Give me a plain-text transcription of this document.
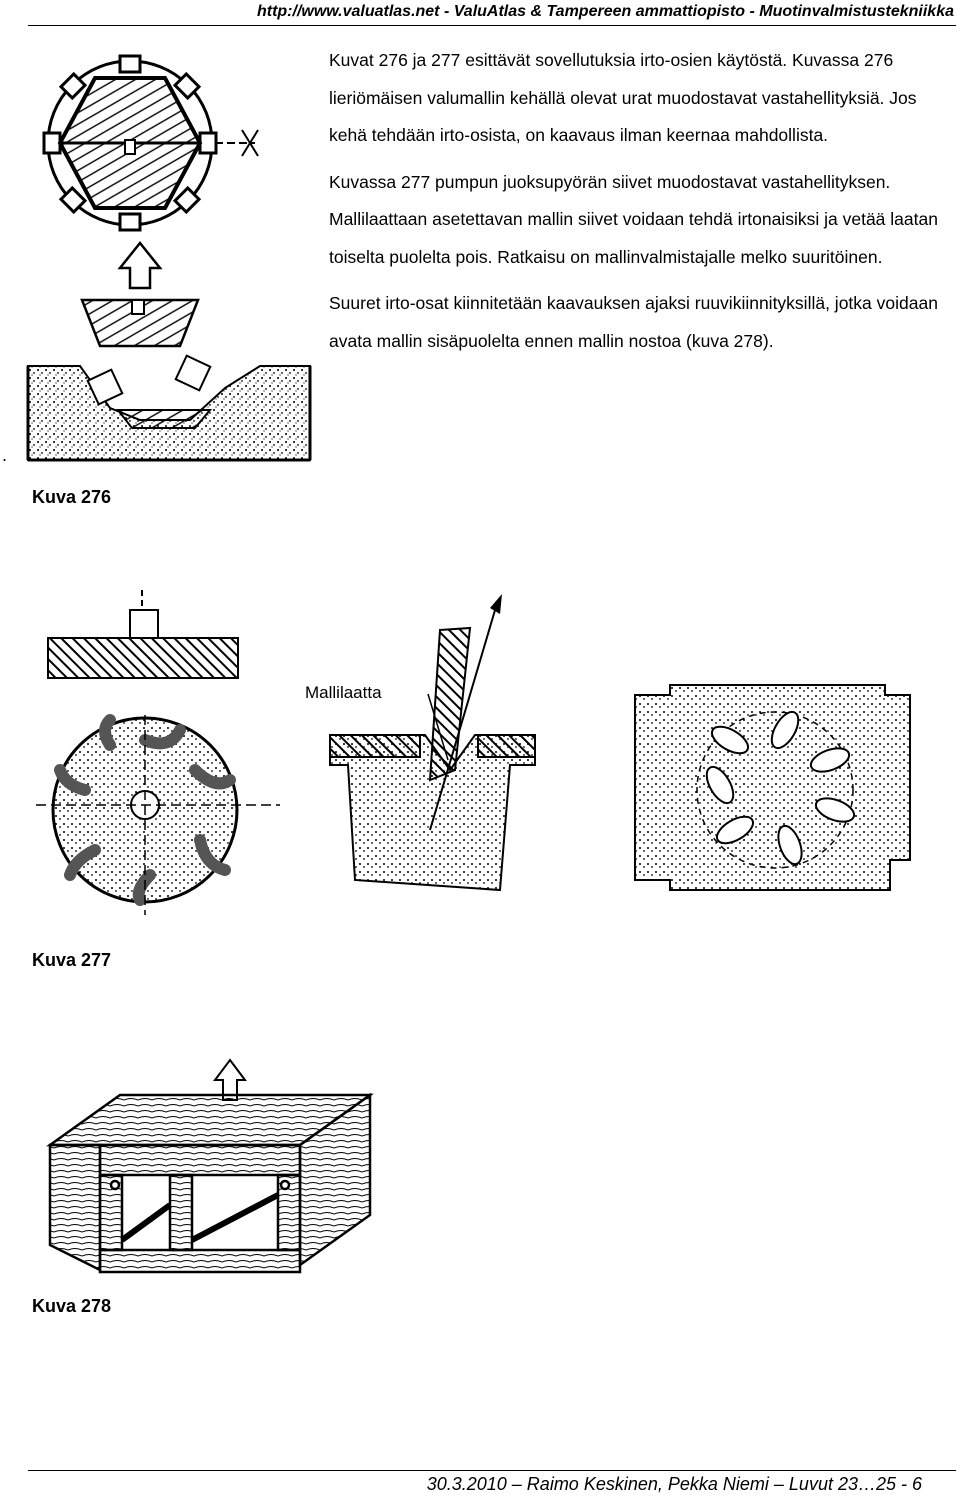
http://www.valuatlas.net - ValuAtlas & Tampereen ammattiopisto - Muotinvalmistustekniikka

Kuvat 276 ja 277 esittävät sovellutuksia irto-osien käytöstä. Kuvassa 276 lieriömäisen valumallin kehällä olevat urat muodostavat vastahellityksiä. Jos kehä tehdään irto-osista, on kaavaus ilman keernaa mahdollista.

Kuvassa 277 pumpun juoksupyörän siivet muodostavat vastahellityksen. Mallilaattaan asetettavan mallin siivet voidaan tehdä irtonaisiksi ja vetää laatan toiselta puolelta pois. Ratkaisu on mallinvalmistajalle melko suuritöinen.

Suuret irto-osat kiinnitetään kaavauksen ajaksi ruuvikiinnityksillä, jotka voidaan avata mallin sisäpuolelta ennen mallin nostoa (kuva 278).

.
Kuva 276
Mallilaatta
Kuva 277
Kuva 278
30.3.2010 – Raimo Keskinen, Pekka Niemi – Luvut 23…25 - 6
